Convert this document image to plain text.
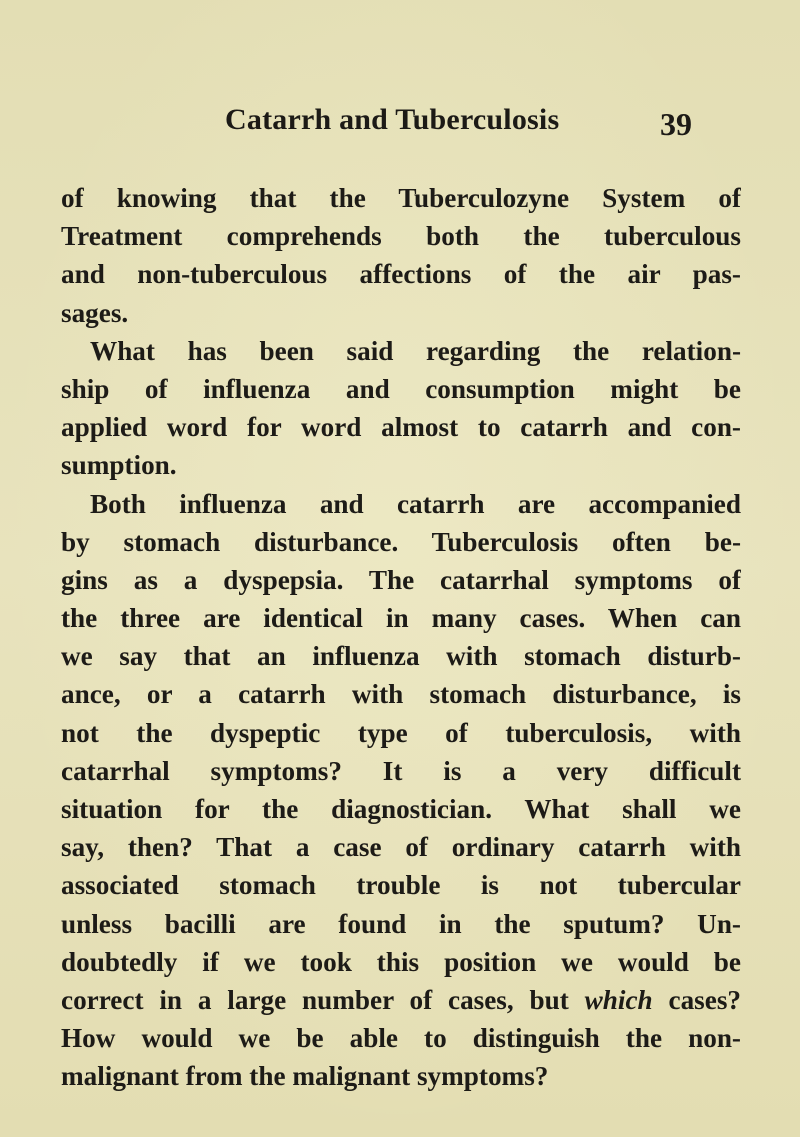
Catarrh and Tuberculosis	39
of knowing that the Tuberculozyne System of
Treatment comprehends both the tuberculous
and non-tuberculous affections of the air pas-
sages.
What has been said regarding the relation-
ship of influenza and consumption might be
applied word for word almost to catarrh and con-
sumption.
Both influenza and catarrh are accompanied
by stomach disturbance. Tuberculosis often be-
gins as a dyspepsia. The catarrhal symptoms of
the three are identical in many cases. When can
we say that an influenza with stomach disturb-
ance, or a catarrh with stomach disturbance, is
not the dyspeptic type of tuberculosis, with
catarrhal symptoms? It is a very difficult
situation for the diagnostician. What shall we
say, then? That a case of ordinary catarrh with
associated stomach trouble is not tubercular
unless bacilli are found in the sputum? Un-
doubtedly if we took this position we would be
correct in a large number of cases, but which cases?
How would we be able to distinguish the non-
malignant from the malignant symptoms?
